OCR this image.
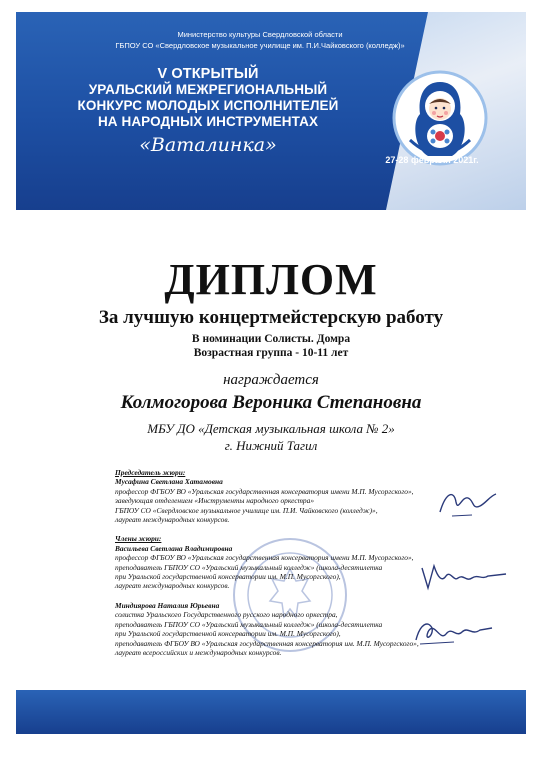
Министерство культуры Свердловской области
ГБПОУ СО «Свердловское музыкальное училище им. П.И.Чайковского (колледж)»
V ОТКРЫТЫЙ
УРАЛЬСКИЙ МЕЖРЕГИОНАЛЬНЫЙ
КОНКУРС МОЛОДЫХ ИСПОЛНИТЕЛЕЙ
НА НАРОДНЫХ ИНСТРУМЕНТАХ
«Вaтaлинкa»
27-28 февраля 2021г.
ДИПЛОМ
За лучшую концертмейстерскую работу
В номинации Солисты. Домра
Возрастная группа - 10-11 лет
награждается
Колмогорова Вероника Степановна
МБУ ДО «Детская музыкальная школа № 2»
г. Нижний Тагил
Председатель жюри:
Мусафина Светлана Хатамовна
профессор ФГБОУ ВО «Уральская государственная консерватория имени М.П. Мусоргского»,
заведующая отделением «Инструменты народного оркестра»
ГБПОУ СО «Свердловское музыкальное училище им. П.И. Чайковского (колледж)»,
лауреат международных конкурсов.
Члены жюри:
Васильева Светлана Владимировна
профессор ФГБОУ ВО «Уральская государственная консерватория имени М.П. Мусоргского»,
преподаватель ГБПОУ СО «Уральский музыкальный колледж» (школа-десятилетка
при Уральской государственной консерватории им. М.П. Мусоргского),
лауреат международных конкурсов.
Миндиярова Наталия Юрьевна
солистка Уральского Государственного русского народного оркестра,
преподаватель ГБПОУ СО «Уральский музыкальный колледж» (школа-десятилетка
при Уральской государственной консерватории им. М.П. Мусоргского),
преподаватель ФГБОУ ВО «Уральская государственная консерватория им. М.П. Мусоргского»,
лауреат всероссийских и международных конкурсов.
